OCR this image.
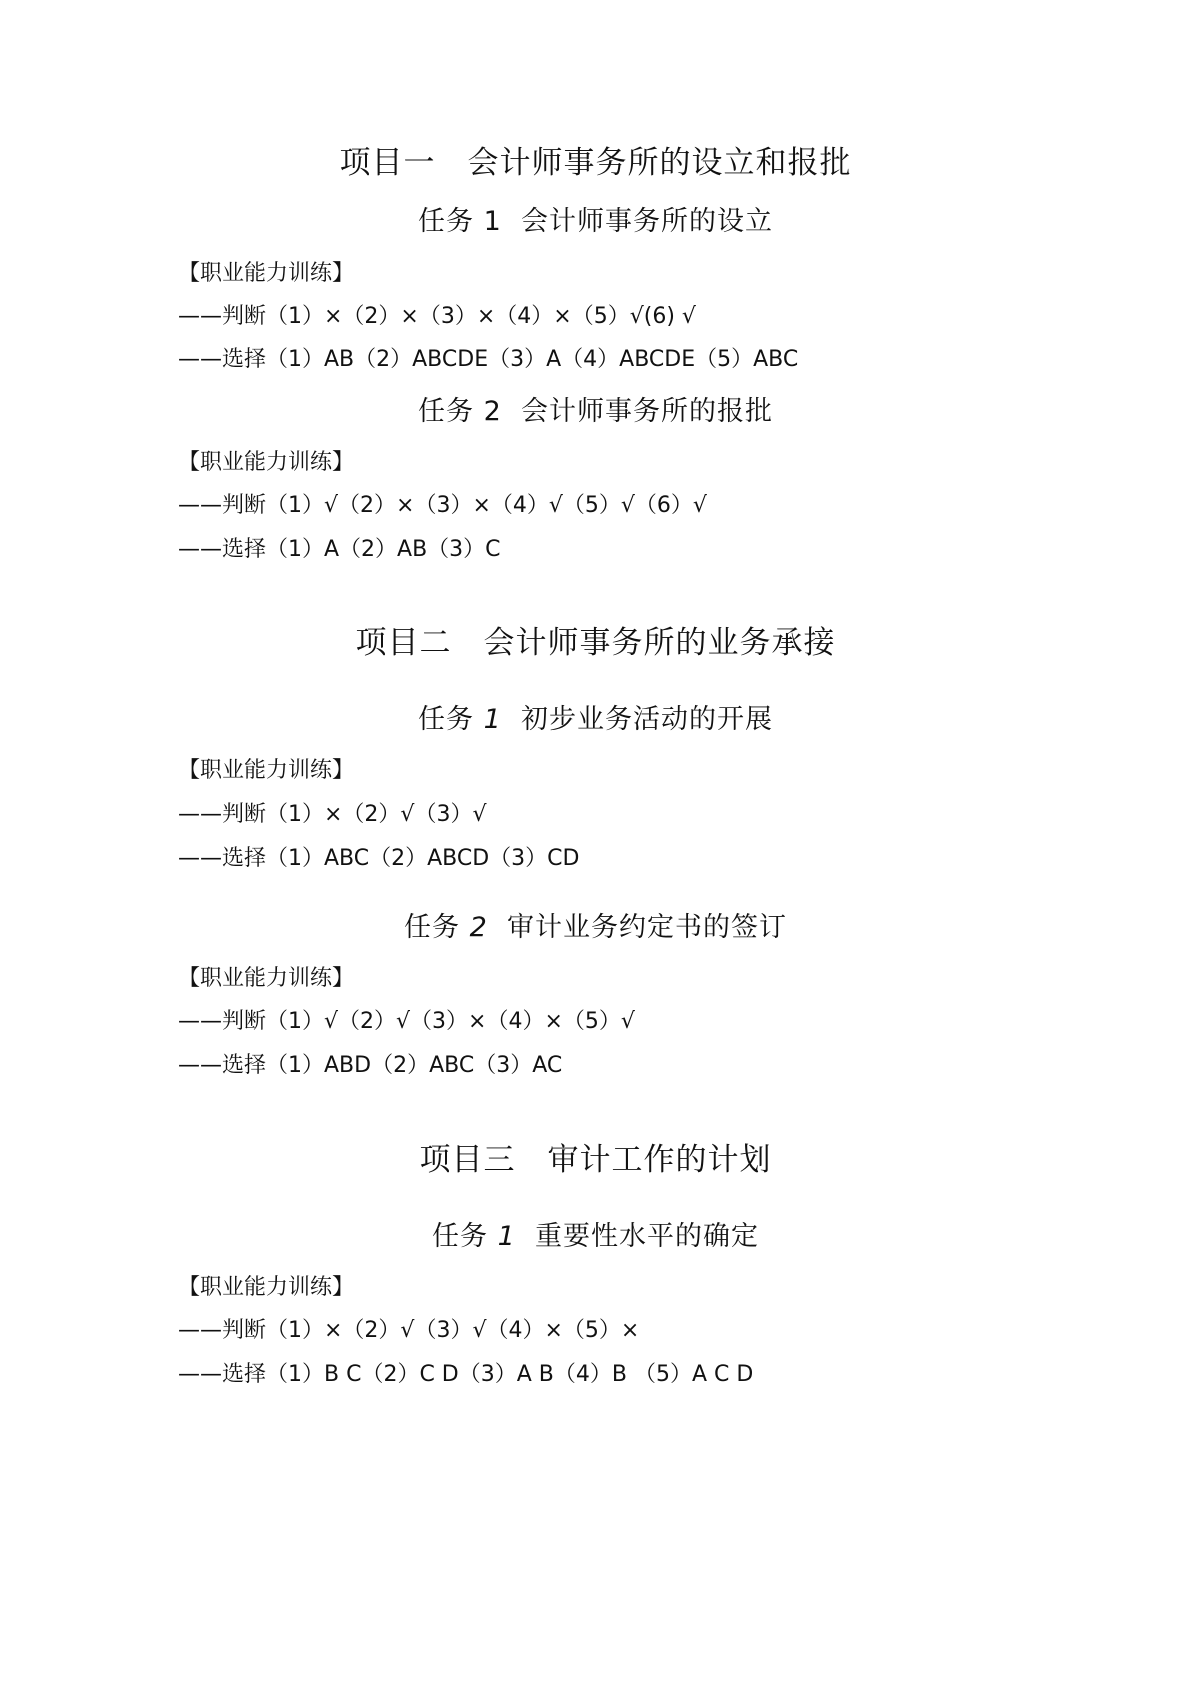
项目一　会计师事务所的设立和报批
任务 1 会计师事务所的设立
【职业能力训练】
——判断（1）×（2）×（3）×（4）×（5）√(6) √
——选择（1）AB（2）ABCDE（3）A（4）ABCDE（5）ABC
任务 2 会计师事务所的报批
【职业能力训练】
——判断（1）√（2）×（3）×（4）√（5）√（6）√
——选择（1）A（2）AB（3）C
项目二　会计师事务所的业务承接
任务 1 初步业务活动的开展
【职业能力训练】
——判断（1）×（2）√（3）√
——选择（1）ABC（2）ABCD（3）CD
任务 2 审计业务约定书的签订
【职业能力训练】
——判断（1）√（2）√（3）×（4）×（5）√
——选择（1）ABD（2）ABC（3）AC
项目三　审计工作的计划
任务 1 重要性水平的确定
【职业能力训练】
——判断（1）×（2）√（3）√（4）×（5）×
——选择（1）B C（2）C D（3）A B（4）B （5）A C D
